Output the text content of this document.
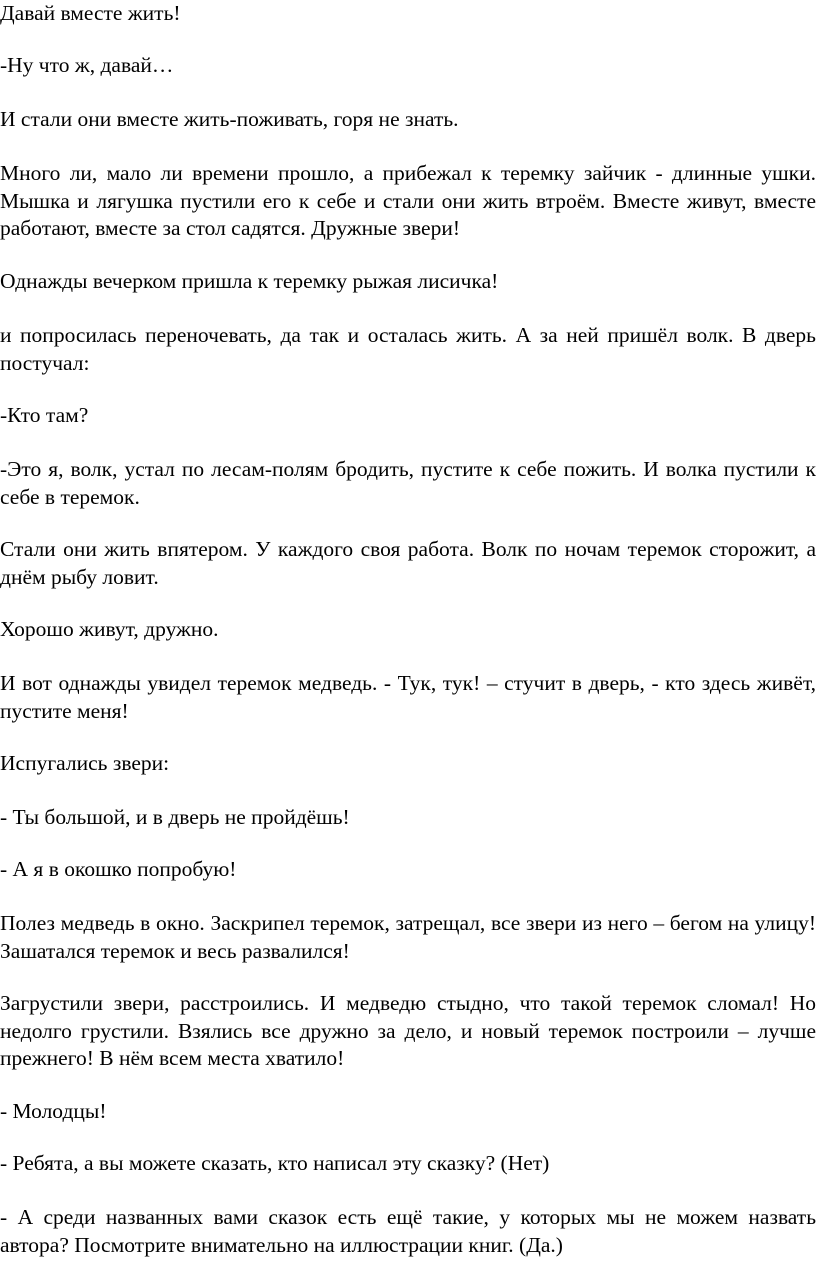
Давай вместе жить!

-Ну что ж, давай…

И стали они вместе жить-поживать, горя не знать.

Много ли, мало ли времени прошло, а прибежал к теремку зайчик - длинные ушки. Мышка и лягушка пустили его к себе и стали они жить втроём. Вместе живут, вместе работают, вместе за стол садятся. Дружные звери!

Однажды вечерком пришла к теремку рыжая лисичка!

и попросилась переночевать, да так и осталась жить. А за ней пришёл волк. В дверь постучал:

-Кто там?

-Это я, волк, устал по лесам-полям бродить, пустите к себе пожить. И волка пустили к себе в теремок.

Стали они жить впятером. У каждого своя работа. Волк по ночам теремок сторожит, а днём рыбу ловит.

Хорошо живут, дружно.

И вот однажды увидел теремок медведь. - Тук, тук! – стучит в дверь, - кто здесь живёт, пустите меня!

Испугались звери:

- Ты большой, и в дверь не пройдёшь!

- А я в окошко попробую!

Полез медведь в окно. Заскрипел теремок, затрещал, все звери из него – бегом на улицу! Зашатался теремок и весь развалился!

Загрустили звери, расстроились. И медведю стыдно, что такой теремок сломал! Но недолго грустили. Взялись все дружно за дело, и новый теремок построили – лучше прежнего! В нём всем места хватило!

- Молодцы!

- Ребята, а вы можете сказать, кто написал эту сказку? (Нет)

- А среди названных вами сказок есть ещё такие, у которых мы не можем назвать автора? Посмотрите внимательно на иллюстрации книг. (Да.)
